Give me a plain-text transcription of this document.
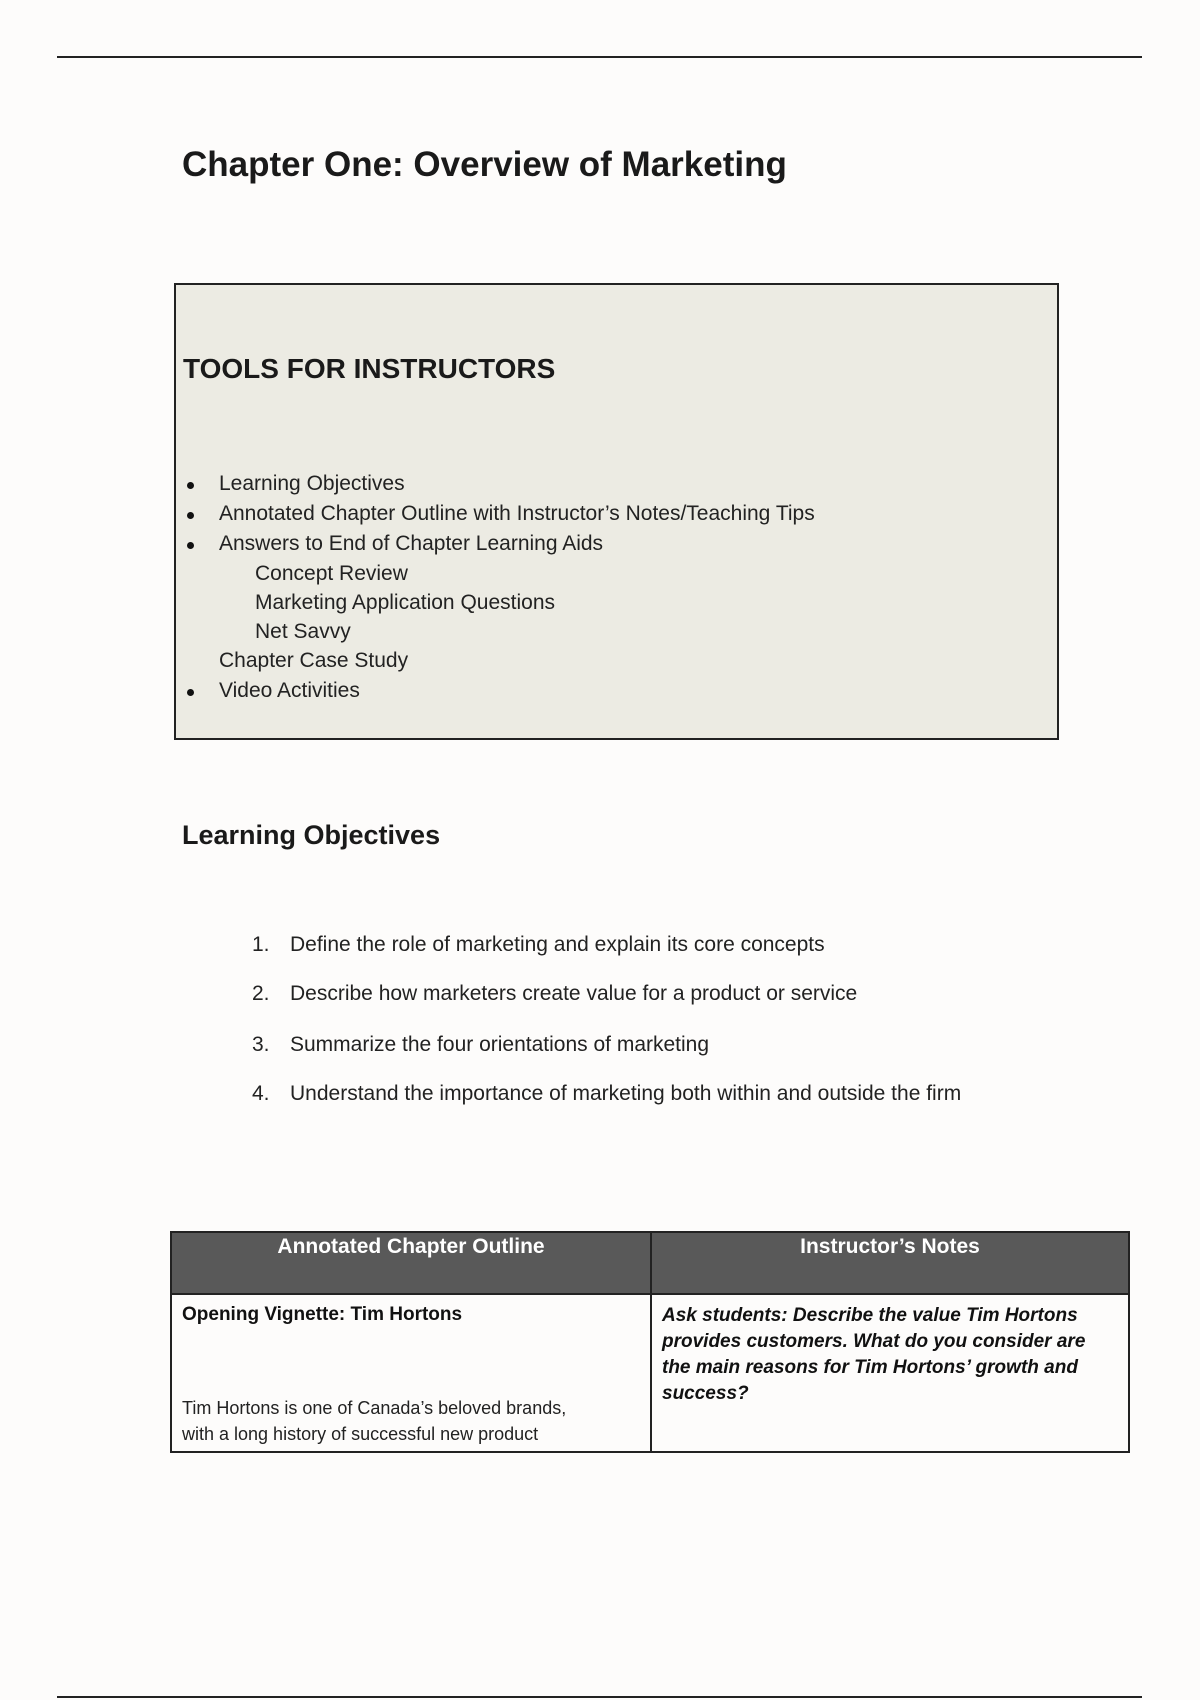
Chapter One: Overview of Marketing
TOOLS FOR INSTRUCTORS
Learning Objectives
Annotated Chapter Outline with Instructor’s Notes/Teaching Tips
Answers to End of Chapter Learning Aids
Concept Review
Marketing Application Questions
Net Savvy
Chapter Case Study
Video Activities
Learning Objectives
1. Define the role of marketing and explain its core concepts
2. Describe how marketers create value for a product or service
3. Summarize the four orientations of marketing
4. Understand the importance of marketing both within and outside the firm
Annotated Chapter Outline	Instructor’s Notes

Opening Vignette: Tim Hortons
Tim Hortons is one of Canada’s beloved brands,
with a long history of successful new product	Ask students: Describe the value Tim Hortons provides customers. What do you consider are the main reasons for Tim Hortons’ growth and success?
